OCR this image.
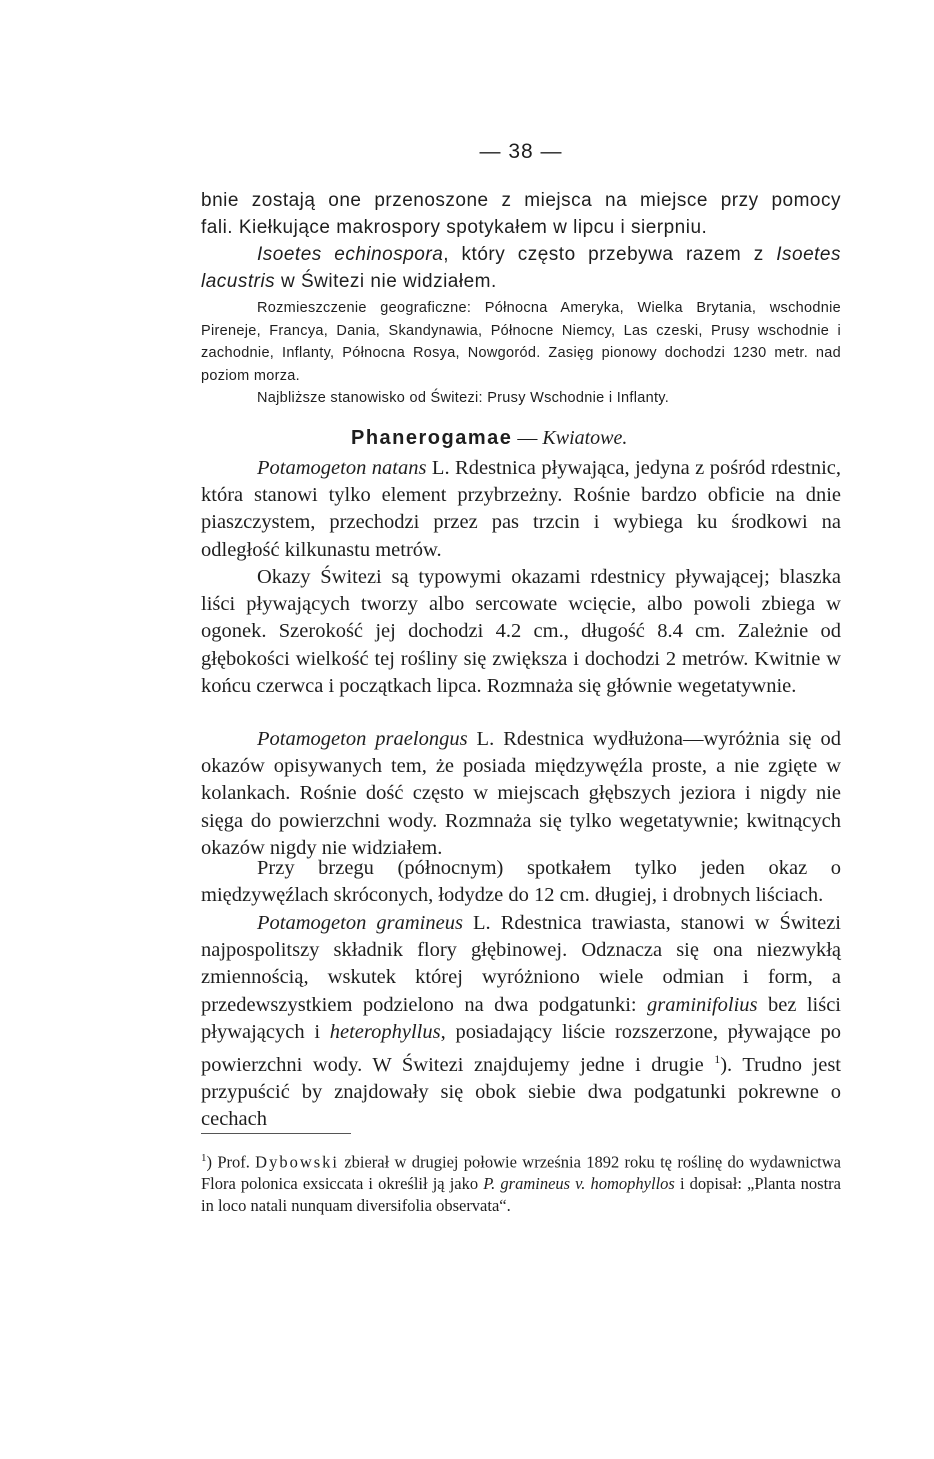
— 38 —

bnie zostają one przenoszone z miejsca na miejsce przy pomocy
fali. Kiełkujące makrospory spotykałem w lipcu i sierpniu.

Isoetes echinospora, który często przebywa razem z Isoetes lacustris w Świtezi nie widziałem.

Rozmieszczenie geograficzne: Północna Ameryka, Wielka Brytania, wschodnie Pireneje, Francya, Dania, Skandynawia, Północne Niemcy, Las czeski, Prusy wschodnie i zachodnie, Inflanty, Północna Rosya, Nowgoród. Zasięg pionowy dochodzi 1230 metr. nad poziom morza.

Najbliższe stanowisko od Świtezi: Prusy Wschodnie i Inflanty.

Phanerogamae — Kwiatowe.

Potamogeton natans L. Rdestnica pływająca, jedyna z pośród rdestnic, która stanowi tylko element przybrzeżny. Rośnie bardzo obficie na dnie piaszczystem, przechodzi przez pas trzcin i wybiega ku środkowi na odległość kilkunastu metrów.

Okazy Świtezi są typowymi okazami rdestnicy pływającej; blaszka liści pływających tworzy albo sercowate wcięcie, albo powoli zbiega w ogonek. Szerokość jej dochodzi 4.2 cm., długość 8.4 cm. Zależnie od głębokości wielkość tej rośliny się zwiększa i dochodzi 2 metrów. Kwitnie w końcu czerwca i początkach lipca. Rozmnaża się głównie wegetatywnie.

Potamogeton praelongus L. Rdestnica wydłużona—wyróżnia się od okazów opisywanych tem, że posiada międzywęźla proste, a nie zgięte w kolankach. Rośnie dość często w miejscach głębszych jeziora i nigdy nie sięga do powierzchni wody. Rozmnaża się tylko wegetatywnie; kwitnących okazów nigdy nie widziałem.

Przy brzegu (północnym) spotkałem tylko jeden okaz o międzywęźlach skróconych, łodydze do 12 cm. długiej, i drobnych liściach.

Potamogeton gramineus L. Rdestnica trawiasta, stanowi w Świtezi najpospolitszy składnik flory głębinowej. Odznacza się ona niezwykłą zmiennością, wskutek której wyróżniono wiele odmian i form, a przedewszystkiem podzielono na dwa podgatunki: graminifolius bez liści pływających i heterophyllus, posiadający liście rozszerzone, pływające po powierzchni wody. W Świtezi znajdujemy jedne i drugie $^1$). Trudno jest przypuścić by znajdowały się obok siebie dwa podgatunki pokrewne o cechach

$^1$) Prof. Dybowski zbierał w drugiej połowie września 1892 roku tę roślinę do wydawnictwa Flora polonica exsiccata i określił ją jako P. gramineus v. homophyllos i dopisał: „Planta nostra in loco natali nunquam diversifolia observata“.
